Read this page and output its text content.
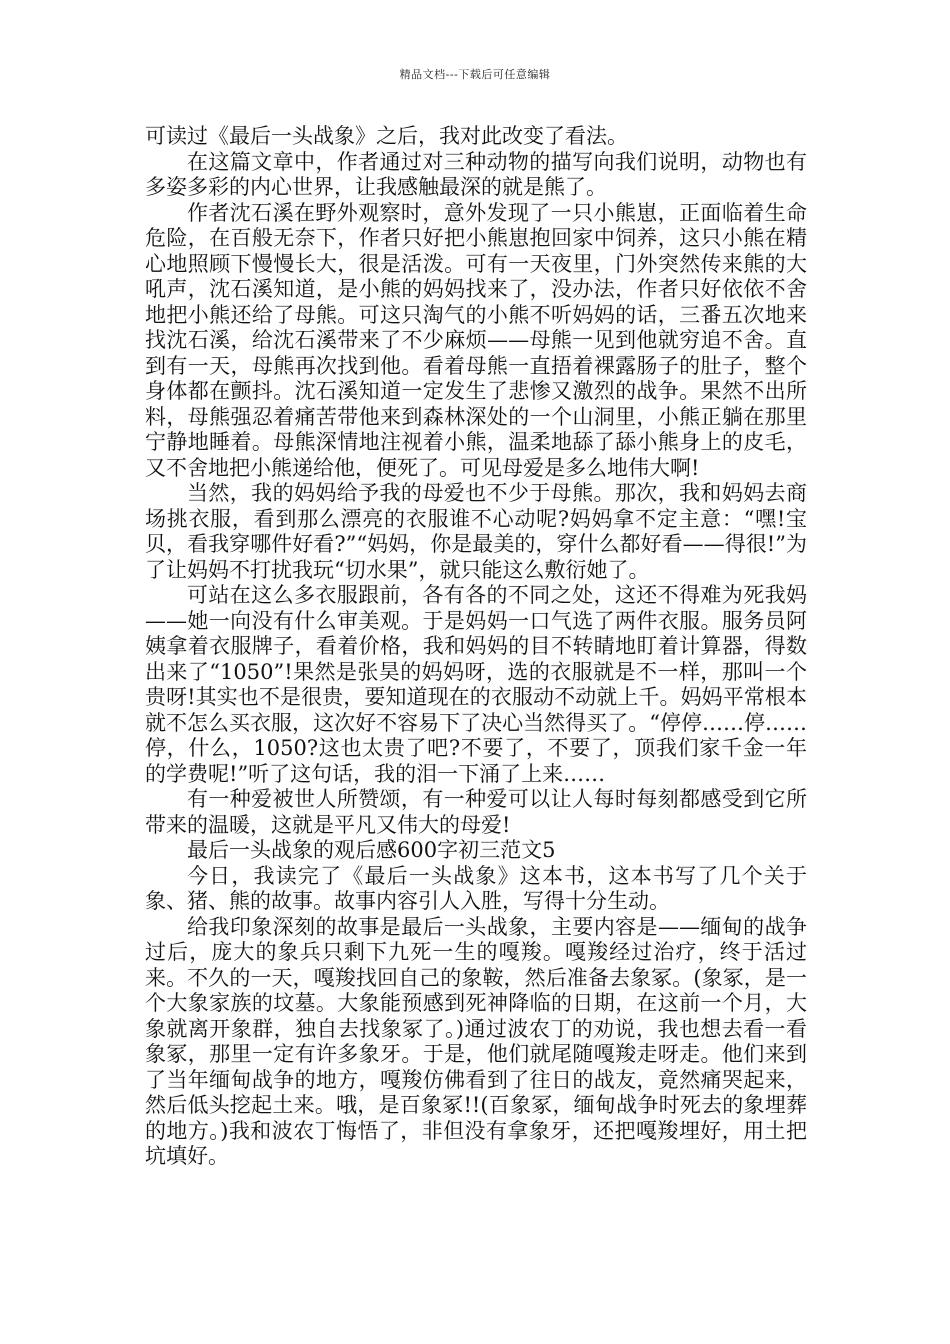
精品文档---下载后可任意编辑

可读过《最后一头战象》之后，我对此改变了看法。

在这篇文章中，作者通过对三种动物的描写向我们说明，动物也有多姿多彩的内心世界，让我感触最深的就是熊了。

作者沈石溪在野外观察时，意外发现了一只小熊崽，正面临着生命危险，在百般无奈下，作者只好把小熊崽抱回家中饲养，这只小熊在精心地照顾下慢慢长大，很是活泼。可有一天夜里，门外突然传来熊的大吼声，沈石溪知道，是小熊的妈妈找来了，没办法，作者只好依依不舍地把小熊还给了母熊。可这只淘气的小熊不听妈妈的话，三番五次地来找沈石溪，给沈石溪带来了不少麻烦——母熊一见到他就穷追不舍。直到有一天，母熊再次找到他。看着母熊一直捂着裸露肠子的肚子，整个身体都在颤抖。沈石溪知道一定发生了悲惨又激烈的战争。果然不出所料，母熊强忍着痛苦带他来到森林深处的一个山洞里，小熊正躺在那里宁静地睡着。母熊深情地注视着小熊，温柔地舔了舔小熊身上的皮毛，又不舍地把小熊递给他，便死了。可见母爱是多么地伟大啊!

当然，我的妈妈给予我的母爱也不少于母熊。那次，我和妈妈去商场挑衣服，看到那么漂亮的衣服谁不心动呢?妈妈拿不定主意：“嘿!宝贝，看我穿哪件好看?”“妈妈，你是最美的，穿什么都好看——得很!”为了让妈妈不打扰我玩“切水果”，就只能这么敷衍她了。

可站在这么多衣服跟前，各有各的不同之处，这还不得难为死我妈——她一向没有什么审美观。于是妈妈一口气选了两件衣服。服务员阿姨拿着衣服牌子，看着价格，我和妈妈的目不转睛地盯着计算器，得数出来了“1050”!果然是张昊的妈妈呀，选的衣服就是不一样，那叫一个贵呀!其实也不是很贵，要知道现在的衣服动不动就上千。妈妈平常根本就不怎么买衣服，这次好不容易下了决心当然得买了。“停停……停……停，什么，1050?这也太贵了吧?不要了，不要了，顶我们家千金一年的学费呢!”听了这句话，我的泪一下涌了上来……

有一种爱被世人所赞颂，有一种爱可以让人每时每刻都感受到它所带来的温暖，这就是平凡又伟大的母爱!

最后一头战象的观后感600字初三范文5

今日，我读完了《最后一头战象》这本书，这本书写了几个关于象、猪、熊的故事。故事内容引人入胜，写得十分生动。

给我印象深刻的故事是最后一头战象，主要内容是——缅甸的战争过后，庞大的象兵只剩下九死一生的嘎羧。嘎羧经过治疗，终于活过来。不久的一天，嘎羧找回自己的象鞍，然后准备去象冢。(象冢，是一个大象家族的坟墓。大象能预感到死神降临的日期，在这前一个月，大象就离开象群，独自去找象冢了。)通过波农丁的劝说，我也想去看一看象冢，那里一定有许多象牙。于是，他们就尾随嘎羧走呀走。他们来到了当年缅甸战争的地方，嘎羧仿佛看到了往日的战友，竟然痛哭起来，然后低头挖起土来。哦，是百象冢!!(百象冢，缅甸战争时死去的象埋葬的地方。)我和波农丁悔悟了，非但没有拿象牙，还把嘎羧埋好，用土把坑填好。
